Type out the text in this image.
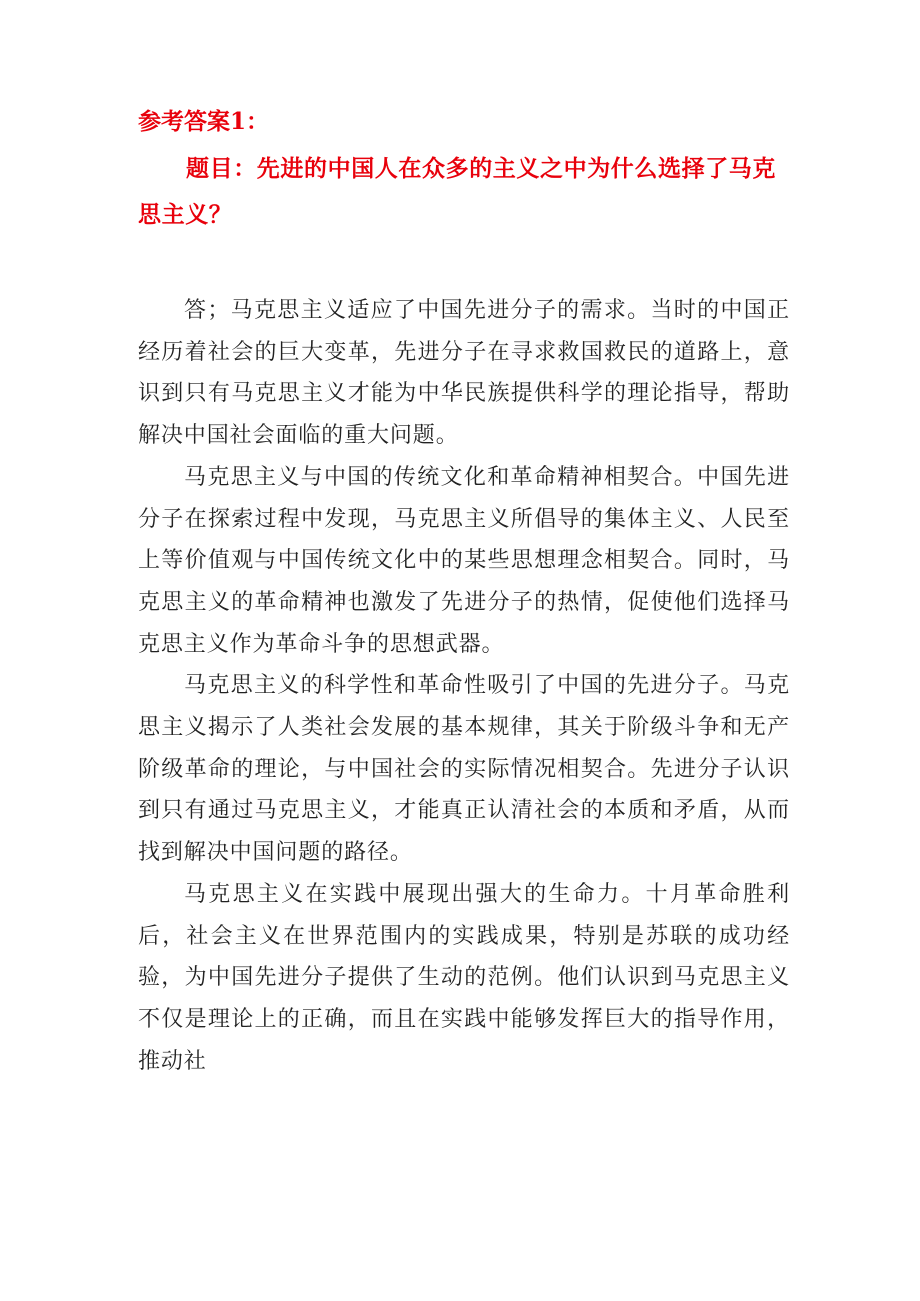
参考答案1：

题目：先进的中国人在众多的主义之中为什么选择了马克思主义？

答；马克思主义适应了中国先进分子的需求。当时的中国正经历着社会的巨大变革，先进分子在寻求救国救民的道路上，意识到只有马克思主义才能为中华民族提供科学的理论指导，帮助解决中国社会面临的重大问题。

马克思主义与中国的传统文化和革命精神相契合。中国先进分子在探索过程中发现，马克思主义所倡导的集体主义、人民至上等价值观与中国传统文化中的某些思想理念相契合。同时，马克思主义的革命精神也激发了先进分子的热情，促使他们选择马克思主义作为革命斗争的思想武器。

马克思主义的科学性和革命性吸引了中国的先进分子。马克思主义揭示了人类社会发展的基本规律，其关于阶级斗争和无产阶级革命的理论，与中国社会的实际情况相契合。先进分子认识到只有通过马克思主义，才能真正认清社会的本质和矛盾，从而找到解决中国问题的路径。

马克思主义在实践中展现出强大的生命力。十月革命胜利后，社会主义在世界范围内的实践成果，特别是苏联的成功经验，为中国先进分子提供了生动的范例。他们认识到马克思主义不仅是理论上的正确，而且在实践中能够发挥巨大的指导作用，推动社
